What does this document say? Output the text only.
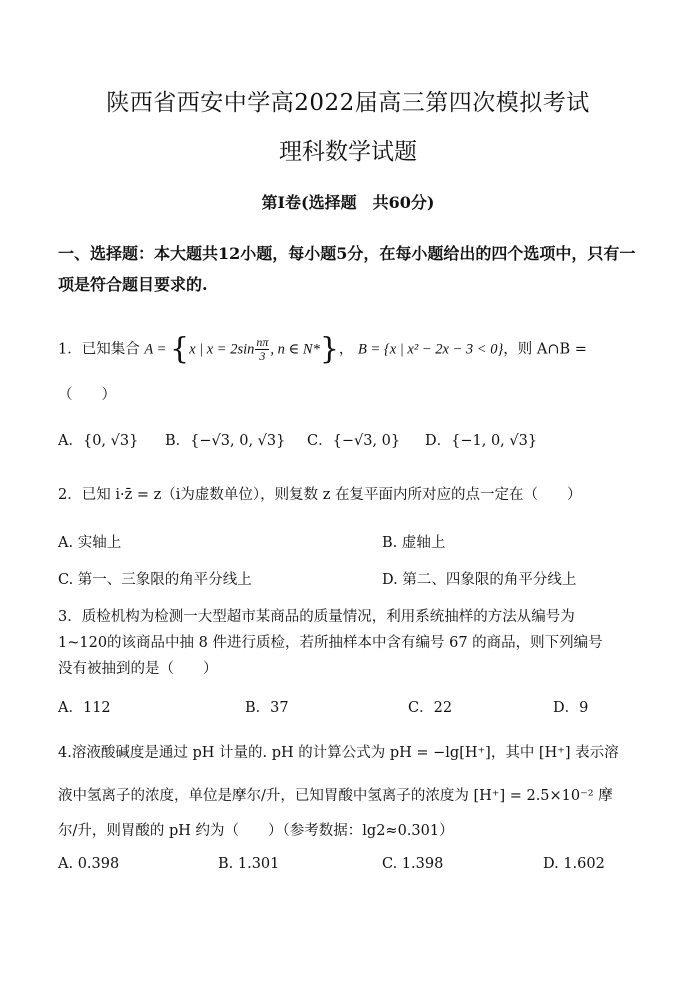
陕西省西安中学高2022届高三第四次模拟考试
理科数学试题
第Ⅰ卷(选择题　共60分)
一、选择题：本大题共12小题，每小题5分，在每小题给出的四个选项中，只有一
项是符合题目要求的.
1．已知集合 A = {x | $x = 2\sin \frac{n\pi}{3}$ , n ∈ N*}， B = {x | x² − 2x − 3 < 0}，则 A∩B =
（　　）
A．{0, √3} B．{−√3, 0, √3} C．{−√3, 0} D．{−1, 0, √3}
2．已知 i·z̄ = z（i为虚数单位），则复数 z 在复平面内所对应的点一定在（　　）
A. 实轴上	B. 虚轴上
C. 第一、三象限的角平分线上	D. 第二、四象限的角平分线上
3．质检机构为检测一大型超市某商品的质量情况，利用系统抽样的方法从编号为
1~120的该商品中抽 8 件进行质检，若所抽样本中含有编号 67 的商品，则下列编号
没有被抽到的是（　　）
A．112	B．37	C．22	D．9
4.溶液酸碱度是通过 pH 计量的. pH 的计算公式为 pH = −lg[H⁺]，其中 [H⁺] 表示溶
液中氢离子的浓度，单位是摩尔/升，已知胃酸中氢离子的浓度为 [H⁺] = 2.5×10⁻² 摩
尔/升，则胃酸的 pH 约为（　　）（参考数据：lg2≈0.301）
A. 0.398	B. 1.301	C. 1.398	D. 1.602
